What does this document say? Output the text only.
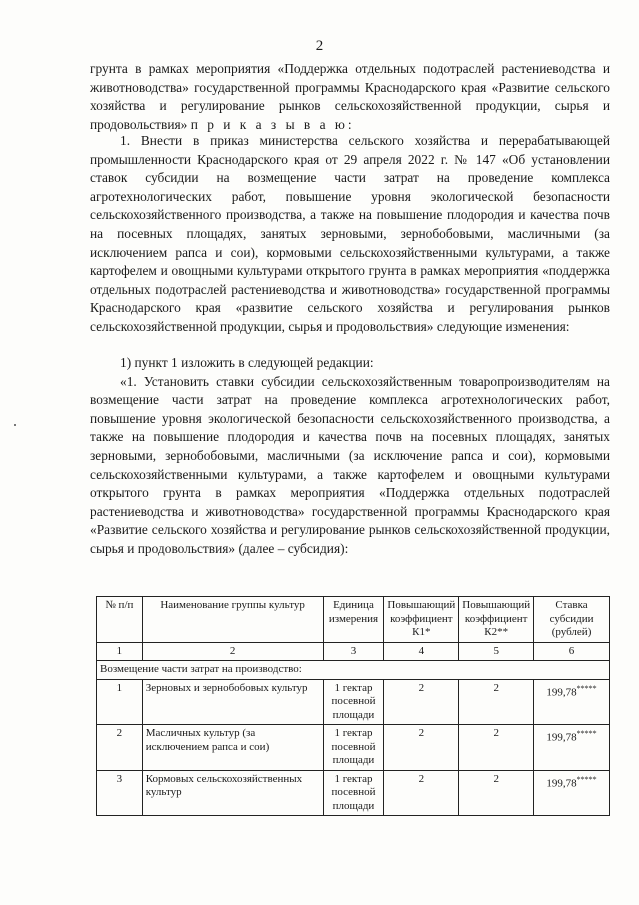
2

грунта в рамках мероприятия «Поддержка отдельных подотраслей растениеводства и животноводства» государственной программы Краснодарского края «Развитие сельского хозяйства и регулирование рынков сельскохозяйственной продукции, сырья и продовольствия» п р и к а з ы в а ю:

1. Внести в приказ министерства сельского хозяйства и перерабатывающей промышленности Краснодарского края от 29 апреля 2022 г. № 147 «Об установлении ставок субсидии на возмещение части затрат на проведение комплекса агротехнологических работ, повышение уровня экологической безопасности сельскохозяйственного производства, а также на повышение плодородия и качества почв на посевных площадях, занятых зерновыми, зернобобовыми, масличными (за исключением рапса и сои), кормовыми сельскохозяйственными культурами, а также картофелем и овощными культурами открытого грунта в рамках мероприятия «поддержка отдельных подотраслей растениеводства и животноводства» государственной программы Краснодарского края «развитие сельского хозяйства и регулирования рынков сельскохозяйственной продукции, сырья и продовольствия» следующие изменения:

1) пункт 1 изложить в следующей редакции:

«1. Установить ставки субсидии сельскохозяйственным товаропроизводителям на возмещение части затрат на проведение комплекса агротехнологических работ, повышение уровня экологической безопасности сельскохозяйственного производства, а также на повышение плодородия и качества почв на посевных площадях, занятых зерновыми, зернобобовыми, масличными (за исключение рапса и сои), кормовыми сельскохозяйственными культурами, а также картофелем и овощными культурами открытого грунта в рамках мероприятия «Поддержка отдельных подотраслей растениеводства и животноводства» государственной программы Краснодарского края «Развитие сельского хозяйства и регулирование рынков сельскохозяйственной продукции, сырья и продовольствия» (далее – субсидия):

№ п/п	Наименование группы культур	Единица измерения	Повышающий коэффициент К1*	Повышающий коэффициент К2**	Ставка субсидии (рублей)
1	2	3	4	5	6
Возмещение части затрат на производство:					
1	Зерновых и зернобобовых культур	1 гектар посевной площади	2	2	199,78*****
2	Масличных культур (за исключением рапса и сои)	1 гектар посевной площади	2	2	199,78*****
3	Кормовых сельскохозяйственных культур	1 гектар посевной площади	2	2	199,78*****
